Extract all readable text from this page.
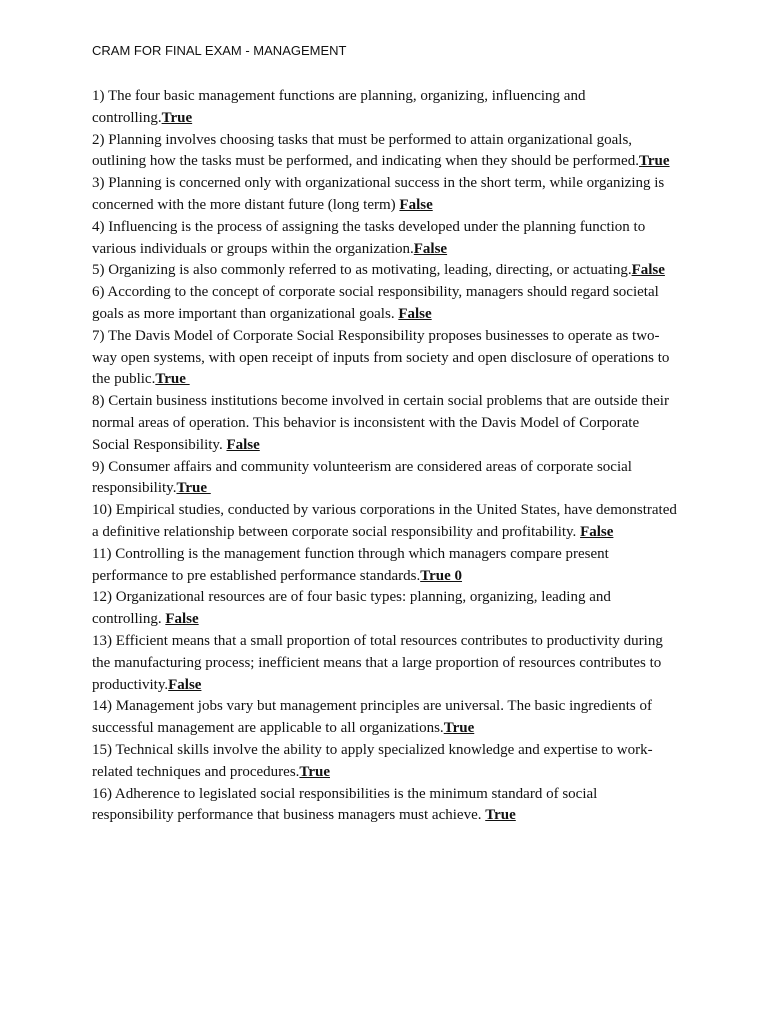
CRAM FOR FINAL EXAM - MANAGEMENT

1) The four basic management functions are planning, organizing, influencing and controlling.True

2) Planning involves choosing tasks that must be performed to attain organizational goals, outlining how the tasks must be performed, and indicating when they should be performed.True

3) Planning is concerned only with organizational success in the short term, while organizing is concerned with the more distant future (long term) False

4) Influencing is the process of assigning the tasks developed under the planning function to various individuals or groups within the organization.False

5) Organizing is also commonly referred to as motivating, leading, directing, or actuating.False

6) According to the concept of corporate social responsibility, managers should regard societal goals as more important than organizational goals. False

7) The Davis Model of Corporate Social Responsibility proposes businesses to operate as two-way open systems, with open receipt of inputs from society and open disclosure of operations to the public.True

8) Certain business institutions become involved in certain social problems that are outside their normal areas of operation. This behavior is inconsistent with the Davis Model of Corporate Social Responsibility. False

9) Consumer affairs and community volunteerism are considered areas of corporate social responsibility.True

10) Empirical studies, conducted by various corporations in the United States, have demonstrated a definitive relationship between corporate social responsibility and profitability. False

11) Controlling is the management function through which managers compare present performance to pre established performance standards.True 0

12) Organizational resources are of four basic types: planning, organizing, leading and controlling. False

13) Efficient means that a small proportion of total resources contributes to productivity during the manufacturing process; inefficient means that a large proportion of resources contributes to productivity.False

14) Management jobs vary but management principles are universal. The basic ingredients of successful management are applicable to all organizations.True

15) Technical skills involve the ability to apply specialized knowledge and expertise to work-related techniques and procedures.True

16) Adherence to legislated social responsibilities is the minimum standard of social responsibility performance that business managers must achieve. True
